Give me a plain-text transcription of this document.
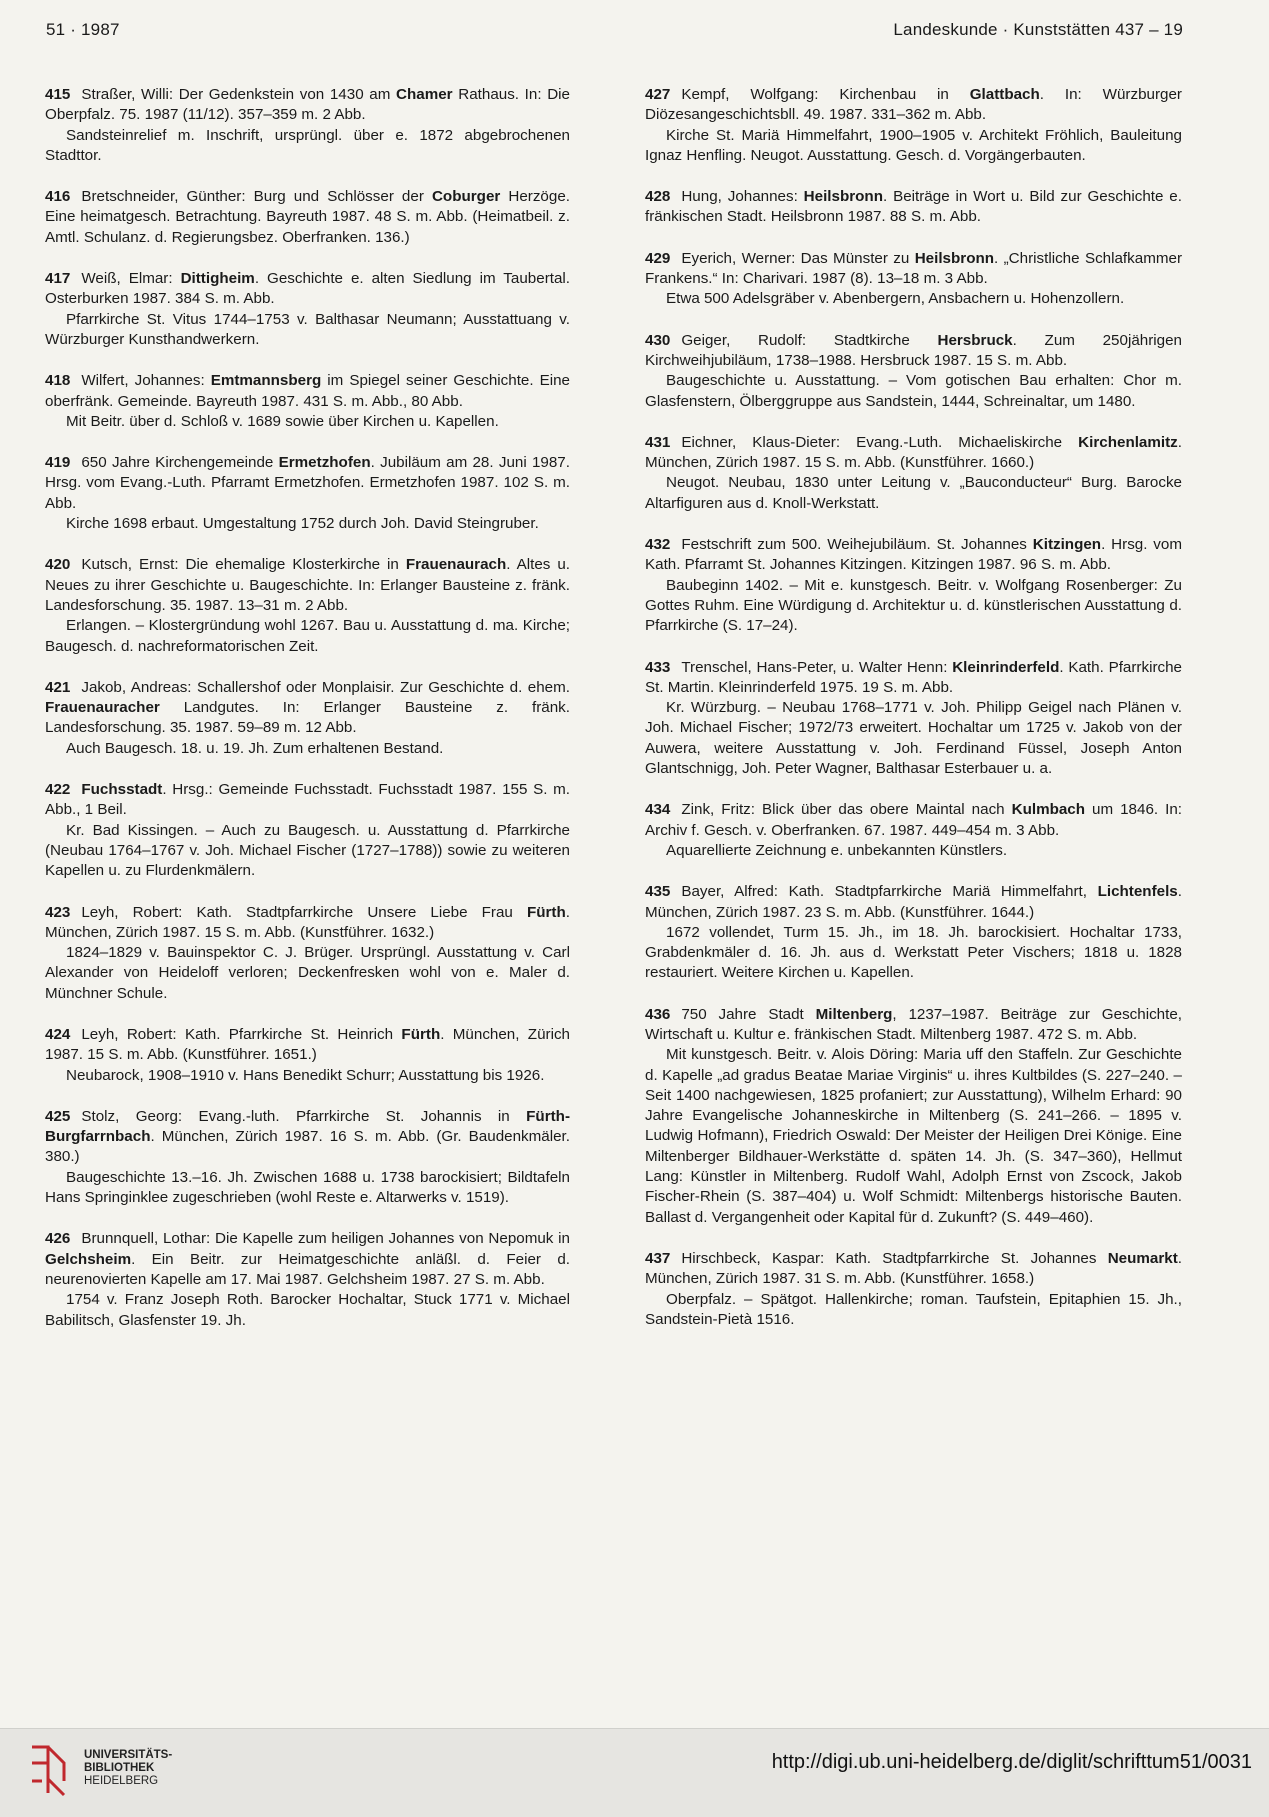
51 · 1987	Landeskunde · Kunststätten 437 – 19

415 Straßer, Willi: Der Gedenkstein von 1430 am Chamer Rathaus. In: Die Oberpfalz. 75. 1987 (11/12). 357–359 m. 2 Abb.

Sandsteinrelief m. Inschrift, ursprüngl. über e. 1872 abgebrochenen Stadttor.

416 Bretschneider, Günther: Burg und Schlösser der Coburger Herzöge. Eine heimatgesch. Betrachtung. Bayreuth 1987. 48 S. m. Abb. (Heimatbeil. z. Amtl. Schulanz. d. Regierungsbez. Oberfranken. 136.)

417 Weiß, Elmar: Dittigheim. Geschichte e. alten Siedlung im Taubertal. Osterburken 1987. 384 S. m. Abb.

Pfarrkirche St. Vitus 1744–1753 v. Balthasar Neumann; Ausstattuang v. Würzburger Kunsthandwerkern.

418 Wilfert, Johannes: Emtmannsberg im Spiegel seiner Geschichte. Eine oberfränk. Gemeinde. Bayreuth 1987. 431 S. m. Abb., 80 Abb.

Mit Beitr. über d. Schloß v. 1689 sowie über Kirchen u. Kapellen.

419 650 Jahre Kirchengemeinde Ermetzhofen. Jubiläum am 28. Juni 1987. Hrsg. vom Evang.-Luth. Pfarramt Ermetzhofen. Ermetzhofen 1987. 102 S. m. Abb.

Kirche 1698 erbaut. Umgestaltung 1752 durch Joh. David Steingruber.

420 Kutsch, Ernst: Die ehemalige Klosterkirche in Frauenaurach. Altes u. Neues zu ihrer Geschichte u. Baugeschichte. In: Erlanger Bausteine z. fränk. Landesforschung. 35. 1987. 13–31 m. 2 Abb.

Erlangen. – Klostergründung wohl 1267. Bau u. Ausstattung d. ma. Kirche; Baugesch. d. nachreformatorischen Zeit.

421 Jakob, Andreas: Schallershof oder Monplaisir. Zur Geschichte d. ehem. Frauenauracher Landgutes. In: Erlanger Bausteine z. fränk. Landesforschung. 35. 1987. 59–89 m. 12 Abb.

Auch Baugesch. 18. u. 19. Jh. Zum erhaltenen Bestand.

422 Fuchsstadt. Hrsg.: Gemeinde Fuchsstadt. Fuchsstadt 1987. 155 S. m. Abb., 1 Beil.

Kr. Bad Kissingen. – Auch zu Baugesch. u. Ausstattung d. Pfarrkirche (Neubau 1764–1767 v. Joh. Michael Fischer (1727–1788)) sowie zu weiteren Kapellen u. zu Flurdenkmälern.

423 Leyh, Robert: Kath. Stadtpfarrkirche Unsere Liebe Frau Fürth. München, Zürich 1987. 15 S. m. Abb. (Kunstführer. 1632.)

1824–1829 v. Bauinspektor C. J. Brüger. Ursprüngl. Ausstattung v. Carl Alexander von Heideloff verloren; Deckenfresken wohl von e. Maler d. Münchner Schule.

424 Leyh, Robert: Kath. Pfarrkirche St. Heinrich Fürth. München, Zürich 1987. 15 S. m. Abb. (Kunstführer. 1651.)

Neubarock, 1908–1910 v. Hans Benedikt Schurr; Ausstattung bis 1926.

425 Stolz, Georg: Evang.-luth. Pfarrkirche St. Johannis in Fürth-Burgfarrnbach. München, Zürich 1987. 16 S. m. Abb. (Gr. Baudenkmäler. 380.)

Baugeschichte 13.–16. Jh. Zwischen 1688 u. 1738 barockisiert; Bildtafeln Hans Springinklee zugeschrieben (wohl Reste e. Altarwerks v. 1519).

426 Brunnquell, Lothar: Die Kapelle zum heiligen Johannes von Nepomuk in Gelchsheim. Ein Beitr. zur Heimatgeschichte anläßl. d. Feier d. neurenovierten Kapelle am 17. Mai 1987. Gelchsheim 1987. 27 S. m. Abb.

1754 v. Franz Joseph Roth. Barocker Hochaltar, Stuck 1771 v. Michael Babilitsch, Glasfenster 19. Jh.

427 Kempf, Wolfgang: Kirchenbau in Glattbach. In: Würzburger Diözesangeschichtsbll. 49. 1987. 331–362 m. Abb.

Kirche St. Mariä Himmelfahrt, 1900–1905 v. Architekt Fröhlich, Bauleitung Ignaz Henfling. Neugot. Ausstattung. Gesch. d. Vorgängerbauten.

428 Hung, Johannes: Heilsbronn. Beiträge in Wort u. Bild zur Geschichte e. fränkischen Stadt. Heilsbronn 1987. 88 S. m. Abb.

429 Eyerich, Werner: Das Münster zu Heilsbronn. „Christliche Schlafkammer Frankens.“ In: Charivari. 1987 (8). 13–18 m. 3 Abb.

Etwa 500 Adelsgräber v. Abenbergern, Ansbachern u. Hohenzollern.

430 Geiger, Rudolf: Stadtkirche Hersbruck. Zum 250jährigen Kirchweihjubiläum, 1738–1988. Hersbruck 1987. 15 S. m. Abb.

Baugeschichte u. Ausstattung. – Vom gotischen Bau erhalten: Chor m. Glasfenstern, Ölberggruppe aus Sandstein, 1444, Schreinaltar, um 1480.

431 Eichner, Klaus-Dieter: Evang.-Luth. Michaeliskirche Kirchenlamitz. München, Zürich 1987. 15 S. m. Abb. (Kunstführer. 1660.)

Neugot. Neubau, 1830 unter Leitung v. „Bauconducteur“ Burg. Barocke Altarfiguren aus d. Knoll-Werkstatt.

432 Festschrift zum 500. Weihejubiläum. St. Johannes Kitzingen. Hrsg. vom Kath. Pfarramt St. Johannes Kitzingen. Kitzingen 1987. 96 S. m. Abb.

Baubeginn 1402. – Mit e. kunstgesch. Beitr. v. Wolfgang Rosenberger: Zu Gottes Ruhm. Eine Würdigung d. Architektur u. d. künstlerischen Ausstattung d. Pfarrkirche (S. 17–24).

433 Trenschel, Hans-Peter, u. Walter Henn: Kleinrinderfeld. Kath. Pfarrkirche St. Martin. Kleinrinderfeld 1975. 19 S. m. Abb.

Kr. Würzburg. – Neubau 1768–1771 v. Joh. Philipp Geigel nach Plänen v. Joh. Michael Fischer; 1972/73 erweitert. Hochaltar um 1725 v. Jakob von der Auwera, weitere Ausstattung v. Joh. Ferdinand Füssel, Joseph Anton Glantschnigg, Joh. Peter Wagner, Balthasar Esterbauer u. a.

434 Zink, Fritz: Blick über das obere Maintal nach Kulmbach um 1846. In: Archiv f. Gesch. v. Oberfranken. 67. 1987. 449–454 m. 3 Abb.

Aquarellierte Zeichnung e. unbekannten Künstlers.

435 Bayer, Alfred: Kath. Stadtpfarrkirche Mariä Himmelfahrt, Lichtenfels. München, Zürich 1987. 23 S. m. Abb. (Kunstführer. 1644.)

1672 vollendet, Turm 15. Jh., im 18. Jh. barockisiert. Hochaltar 1733, Grabdenkmäler d. 16. Jh. aus d. Werkstatt Peter Vischers; 1818 u. 1828 restauriert. Weitere Kirchen u. Kapellen.

436 750 Jahre Stadt Miltenberg, 1237–1987. Beiträge zur Geschichte, Wirtschaft u. Kultur e. fränkischen Stadt. Miltenberg 1987. 472 S. m. Abb.

Mit kunstgesch. Beitr. v. Alois Döring: Maria uff den Staffeln. Zur Geschichte d. Kapelle „ad gradus Beatae Mariae Virginis“ u. ihres Kultbildes (S. 227–240. – Seit 1400 nachgewiesen, 1825 profaniert; zur Ausstattung), Wilhelm Erhard: 90 Jahre Evangelische Johanneskirche in Miltenberg (S. 241–266. – 1895 v. Ludwig Hofmann), Friedrich Oswald: Der Meister der Heiligen Drei Könige. Eine Miltenberger Bildhauer-Werkstätte d. späten 14. Jh. (S. 347–360), Hellmut Lang: Künstler in Miltenberg. Rudolf Wahl, Adolph Ernst von Zscock, Jakob Fischer-Rhein (S. 387–404) u. Wolf Schmidt: Miltenbergs historische Bauten. Ballast d. Vergangenheit oder Kapital für d. Zukunft? (S. 449–460).

437 Hirschbeck, Kaspar: Kath. Stadtpfarrkirche St. Johannes Neumarkt. München, Zürich 1987. 31 S. m. Abb. (Kunstführer. 1658.)

Oberpfalz. – Spätgot. Hallenkirche; roman. Taufstein, Epitaphien 15. Jh., Sandstein-Pietà 1516.

UNIVERSITÄTS-
BIBLIOTHEK
HEIDELBERG
http://digi.ub.uni-heidelberg.de/diglit/schrifttum51/0031
